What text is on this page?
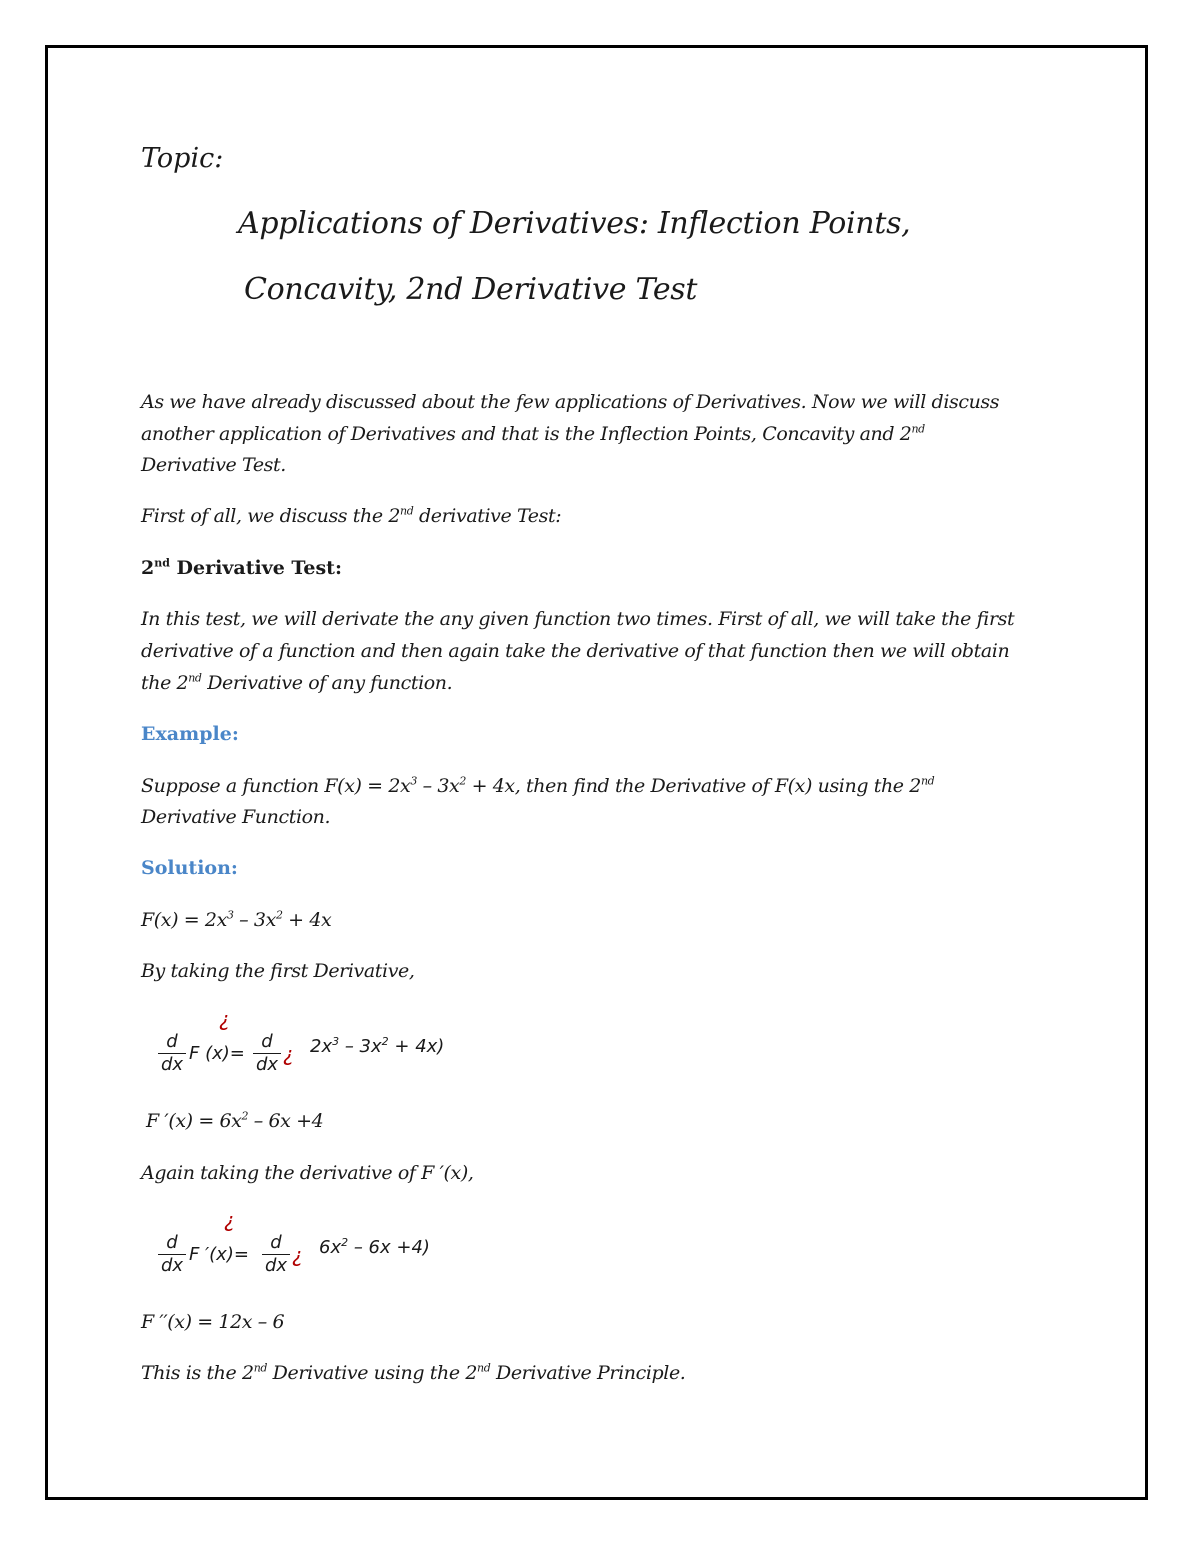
Topic:
Applications of Derivatives: Inflection Points,
Concavity, 2nd Derivative Test
As we have already discussed about the few applications of Derivatives. Now we will discuss
another application of Derivatives and that is the Inflection Points, Concavity and 2nd
Derivative Test.
First of all, we discuss the 2nd derivative Test:
2nd Derivative Test:
In this test, we will derivate the any given function two times. First of all, we will take the first
derivative of a function and then again take the derivative of that function then we will obtain
the 2nd Derivative of any function.
Example:
Suppose a function $F(x) = 2x^3 - 3x^2 + 4x$, then find the Derivative of F(x) using the 2nd
Derivative Function.
Solution:
$F(x) = 2x^3 - 3x^2 + 4x$
By taking the first Derivative,
¿
d
dx
F (x)=
d
dx ¿ $2x^3 - 3x^2 + 4x$)
F $'(x) = 6x^2 - 6x +4$
Again taking the derivative of F ′(x),
¿
d
dx
F ′(x)=
d
dx ¿ $6x^2 - 6x +4$)
F ′′(x) = 12x – 6
This is the 2nd Derivative using the 2nd Derivative Principle.
